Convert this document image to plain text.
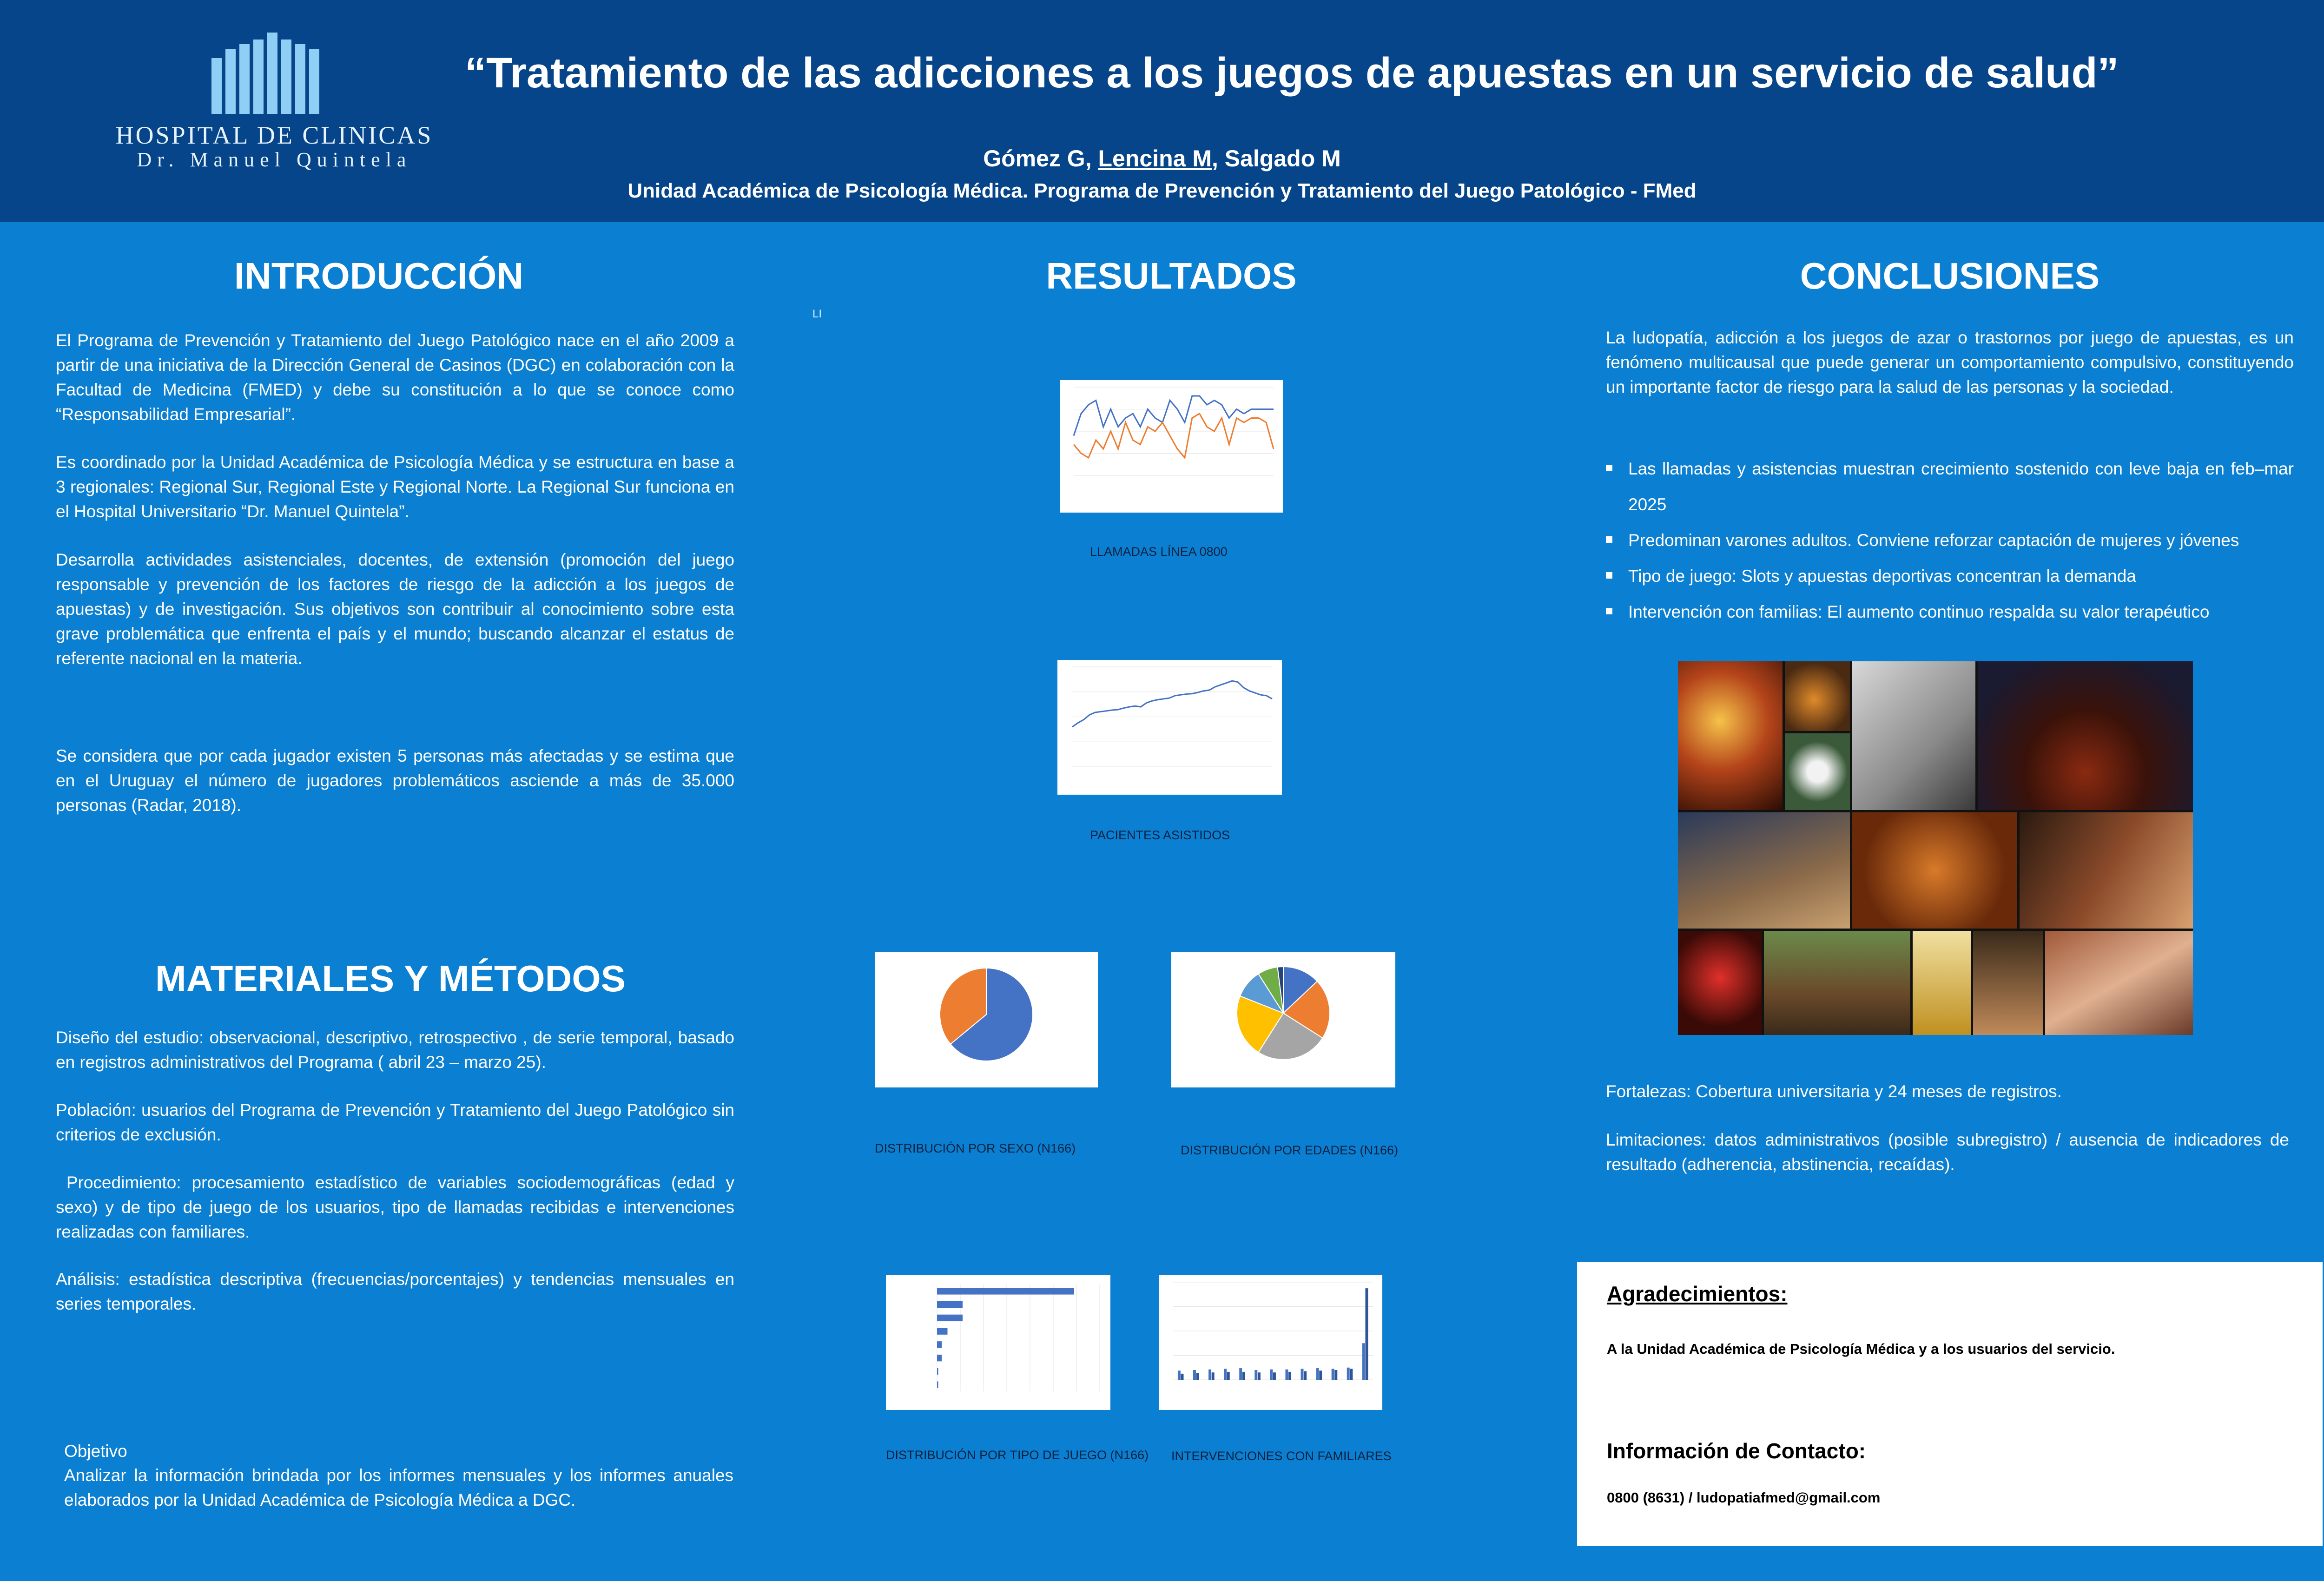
HOSPITAL DE CLINICAS
Dr. Manuel Quintela
“Tratamiento de las adicciones a los juegos de apuestas en un servicio de salud”
Gómez G, Lencina M, Salgado M
Unidad Académica de Psicología Médica. Programa de Prevención y Tratamiento del Juego Patológico - FMed
INTRODUCCIÓN
El Programa de Prevención y Tratamiento del Juego Patológico nace en el año 2009 a partir de una iniciativa de la Dirección General de Casinos (DGC) en colaboración con la Facultad de Medicina (FMED) y debe su constitución a lo que se conoce como “Responsabilidad Empresarial”.
Es coordinado por la Unidad Académica de Psicología Médica y se estructura en base a 3 regionales: Regional Sur, Regional Este y Regional Norte. La Regional Sur funciona en el Hospital Universitario “Dr. Manuel Quintela”.
Desarrolla actividades asistenciales, docentes, de extensión (promoción del juego responsable y prevención de los factores de riesgo de la adicción a los juegos de apuestas) y de investigación. Sus objetivos son contribuir al conocimiento sobre esta grave problemática que enfrenta el país y el mundo; buscando alcanzar el estatus de referente nacional en la materia.
Se considera que por cada jugador existen 5 personas más afectadas y se estima que en el Uruguay el número de jugadores problemáticos asciende a más de 35.000 personas (Radar, 2018).
MATERIALES Y MÉTODOS
Diseño del estudio: observacional, descriptivo, retrospectivo , de serie temporal, basado en registros administrativos del Programa ( abril 23 – marzo 25).
Población: usuarios del Programa de Prevención y Tratamiento del Juego Patológico sin criterios de exclusión.
Procedimiento: procesamiento estadístico de variables sociodemográficas (edad y sexo) y de tipo de juego de los usuarios, tipo de llamadas recibidas e intervenciones realizadas con familiares.
Análisis: estadística descriptiva (frecuencias/porcentajes) y tendencias mensuales en series temporales.
Objetivo
Analizar la información brindada por los informes mensuales y los informes anuales elaborados por la Unidad Académica de Psicología Médica a DGC.
RESULTADOS
LI
LLAMADAS LÍNEA 0800
PACIENTES ASISTIDOS
DISTRIBUCIÓN POR SEXO (N166)	DISTRIBUCIÓN POR EDADES (N166)
DISTRIBUCIÓN POR TIPO DE JUEGO (N166) INTERVENCIONES CON FAMILIARES
CONCLUSIONES
La ludopatía, adicción a los juegos de azar o trastornos por juego de apuestas, es un fenómeno multicausal que puede generar un comportamiento compulsivo, constituyendo un importante factor de riesgo para la salud de las personas y la sociedad.
Las llamadas y asistencias muestran crecimiento sostenido con leve baja en feb–mar 2025
Predominan varones adultos. Conviene reforzar captación de mujeres y jóvenes
Tipo de juego: Slots y apuestas deportivas concentran la demanda
Intervención con familias: El aumento continuo respalda su valor terapéutico
Fortalezas: Cobertura universitaria y 24 meses de registros.
Limitaciones: datos administrativos (posible subregistro) / ausencia de indicadores de resultado (adherencia, abstinencia, recaídas).
Agradecimientos:
A la Unidad Académica de Psicología Médica y a los usuarios del servicio.
Información de Contacto:
0800 (8631) / ludopatiafmed@gmail.com
